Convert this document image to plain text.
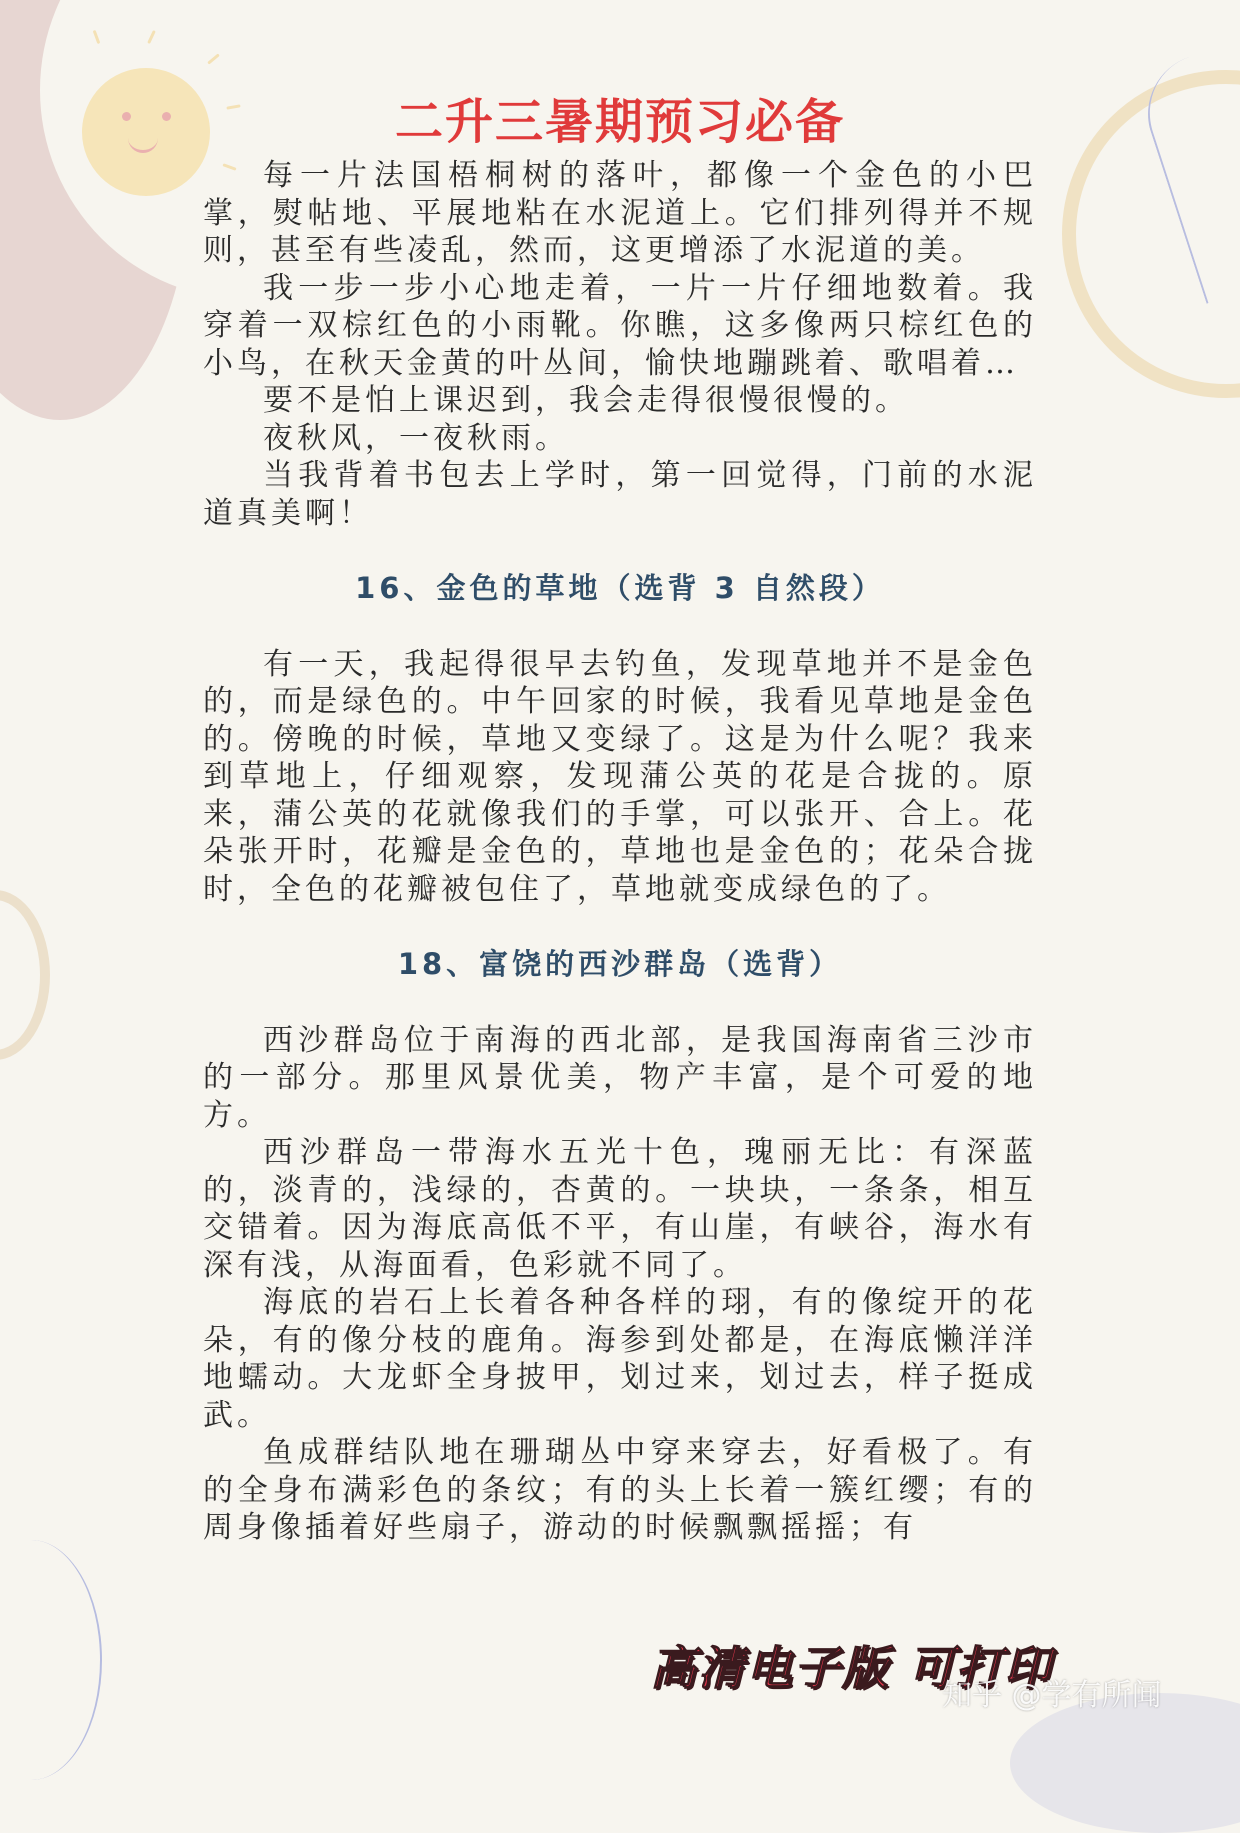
二升三暑期预习必备

每一片法国梧桐树的落叶，都像一个金色的小巴掌，熨帖地、平展地粘在水泥道上。它们排列得并不规则，甚至有些凌乱，然而，这更增添了水泥道的美。

我一步一步小心地走着，一片一片仔细地数着。我穿着一双棕红色的小雨靴。你瞧，这多像两只棕红色的小鸟，在秋天金黄的叶丛间，愉快地蹦跳着、歌唱着…

要不是怕上课迟到，我会走得很慢很慢的。

夜秋风，一夜秋雨。

当我背着书包去上学时，第一回觉得，门前的水泥道真美啊！

16、金色的草地（选背 3 自然段）

有一天，我起得很早去钓鱼，发现草地并不是金色的，而是绿色的。中午回家的时候，我看见草地是金色的。傍晚的时候，草地又变绿了。这是为什么呢？我来到草地上，仔细观察，发现蒲公英的花是合拢的。原来，蒲公英的花就像我们的手掌，可以张开、合上。花朵张开时，花瓣是金色的，草地也是金色的；花朵合拢时，全色的花瓣被包住了，草地就变成绿色的了。

18、富饶的西沙群岛（选背）

西沙群岛位于南海的西北部，是我国海南省三沙市的一部分。那里风景优美，物产丰富，是个可爱的地方。

西沙群岛一带海水五光十色，瑰丽无比：有深蓝的，淡青的，浅绿的，杏黄的。一块块，一条条，相互交错着。因为海底高低不平，有山崖，有峡谷，海水有深有浅，从海面看，色彩就不同了。

海底的岩石上长着各种各样的珝，有的像绽开的花朵，有的像分枝的鹿角。海参到处都是，在海底懒洋洋地蠕动。大龙虾全身披甲，划过来，划过去，样子挺成武。

鱼成群结队地在珊瑚丛中穿来穿去，好看极了。有的全身布满彩色的条纹；有的头上长着一簇红缨；有的周身像插着好些扇子，游动的时候飘飘摇摇；有

高清电子版 可打印
知乎 @学有所闻
